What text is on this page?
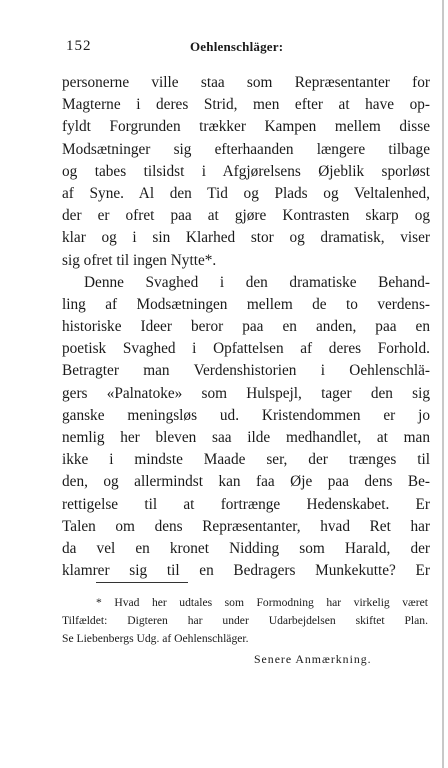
152	Oehlenschläger:
personerne ville staa som Repræsentanter for
Magterne i deres Strid, men efter at have op-
fyldt Forgrunden trækker Kampen mellem disse
Modsætninger sig efterhaanden længere tilbage
og tabes tilsidst i Afgjørelsens Øjeblik sporløst
af Syne. Al den Tid og Plads og Veltalenhed,
der er ofret paa at gjøre Kontrasten skarp og
klar og i sin Klarhed stor og dramatisk, viser
sig ofret til ingen Nytte*.
Denne Svaghed i den dramatiske Behand-
ling af Modsætningen mellem de to verdens-
historiske Ideer beror paa en anden, paa en
poetisk Svaghed i Opfattelsen af deres Forhold.
Betragter man Verdenshistorien i Oehlenschlä-
gers «Palnatoke» som Hulspejl, tager den sig
ganske meningsløs ud. Kristendommen er jo
nemlig her bleven saa ilde medhandlet, at man
ikke i mindste Maade ser, der trænges til
den, og allermindst kan faa Øje paa dens Be-
rettigelse til at fortrænge Hedenskabet. Er
Talen om dens Repræsentanter, hvad Ret har
da vel en kronet Nidding som Harald, der
klamrer sig til en Bedragers Munkekutte? Er
* Hvad her udtales som Formodning har virkelig været
Tilfældet: Digteren har under Udarbejdelsen skiftet Plan.
Se Liebenbergs Udg. af Oehlenschläger.
Senere Anmærkning.
